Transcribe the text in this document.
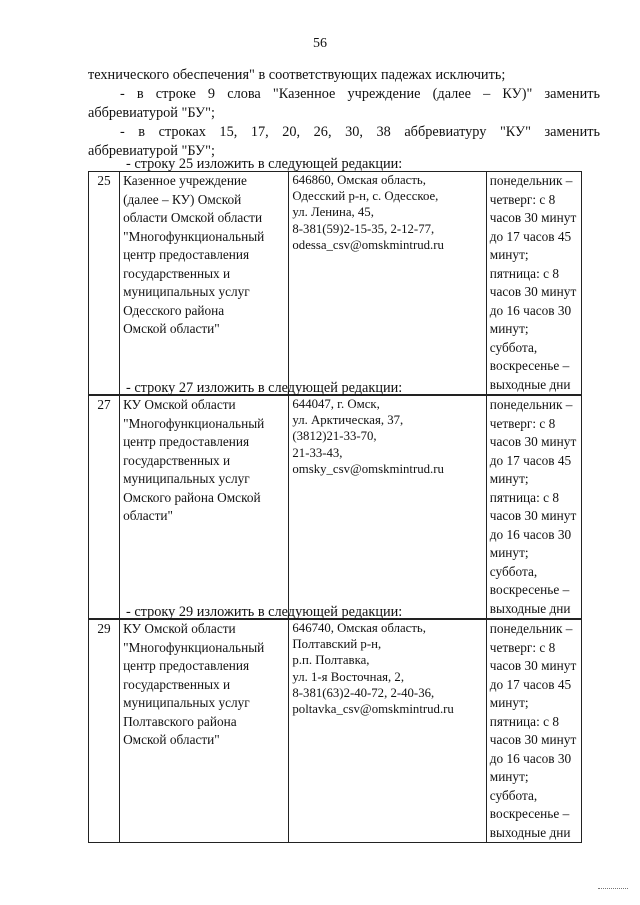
56
технического обеспечения" в соответствующих падежах исключить;
- в строке 9 слова "Казенное учреждение (далее – КУ)" заменить
аббревиатурой "БУ";
- в строках 15, 17, 20, 26, 30, 38 аббревиатуру "КУ" заменить
аббревиатурой "БУ";
- строку 25 изложить в следующей редакции:
25	Казенное учреждение
(далее – КУ) Омской
области Омской области
"Многофункциональный
центр предоставления
государственных и
муниципальных услуг
Одесского района
Омской области"

646860, Омская область,
Одесский р-н, с. Одесское,
ул. Ленина, 45,
8-381(59)2-15-35, 2-12-77,
odessa_csv@omskmintrud.ru

понедельник –
четверг: с 8
часов 30 минут
до 17 часов 45
минут;
пятница: с 8
часов 30 минут
до 16 часов 30
минут;
суббота,
воскресенье –
выходные дни
- строку 27 изложить в следующей редакции:
27	КУ Омской области
"Многофункциональный
центр предоставления
государственных и
муниципальных услуг
Омского района Омской
области"

644047, г. Омск,
ул. Арктическая, 37,
(3812)21-33-70,
21-33-43,
omsky_csv@omskmintrud.ru

понедельник –
четверг: с 8
часов 30 минут
до 17 часов 45
минут;
пятница: с 8
часов 30 минут
до 16 часов 30
минут;
суббота,
воскресенье –
выходные дни
- строку 29 изложить в следующей редакции:
29	КУ Омской области
"Многофункциональный
центр предоставления
государственных и
муниципальных услуг
Полтавского района
Омской области"

646740, Омская область,
Полтавский р-н,
р.п. Полтавка,
ул. 1-я Восточная, 2,
8-381(63)2-40-72, 2-40-36,
poltavka_csv@omskmintrud.ru

понедельник –
четверг: с 8
часов 30 минут
до 17 часов 45
минут;
пятница: с 8
часов 30 минут
до 16 часов 30
минут;
суббота,
воскресенье –
выходные дни
